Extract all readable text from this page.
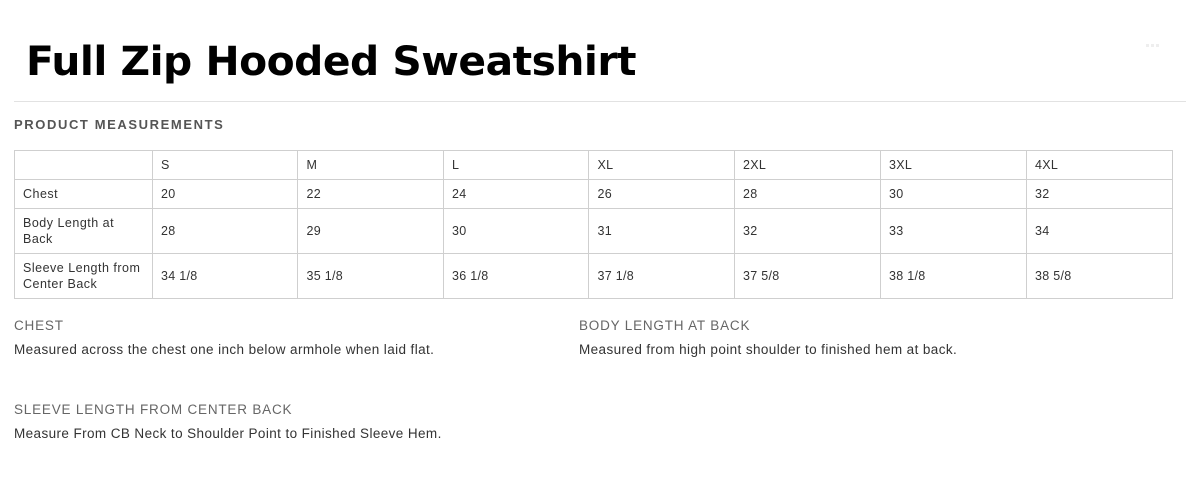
Full Zip Hooded Sweatshirt
PRODUCT MEASUREMENTS
	S	M	L	XL	2XL	3XL	4XL
Chest	20	22	24	26	28	30	32
Body Length at Back	28	29	30	31	32	33	34
Sleeve Length from Center Back	34 1/8	35 1/8	36 1/8	37 1/8	37 5/8	38 1/8	38 5/8
CHEST
Measured across the chest one inch below armhole when laid flat.
BODY LENGTH AT BACK
Measured from high point shoulder to finished hem at back.
SLEEVE LENGTH FROM CENTER BACK
Measure From CB Neck to Shoulder Point to Finished Sleeve Hem.
